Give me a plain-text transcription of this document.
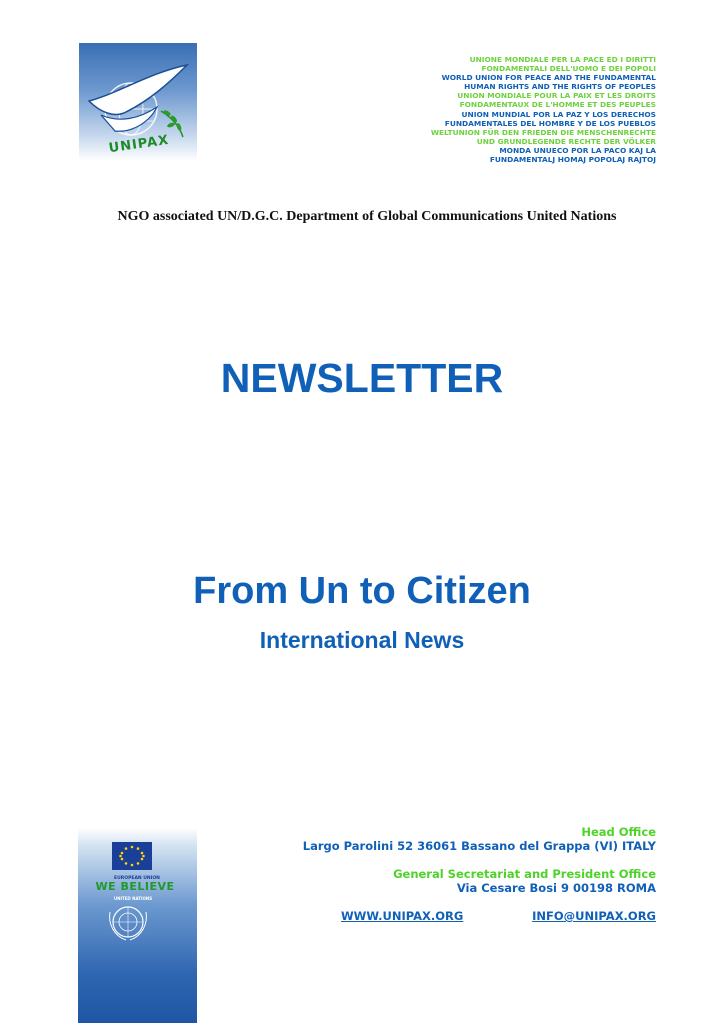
UNIPAX
UNIONE MONDIALE PER LA PACE ED I DIRITTI
FONDAMENTALI DELL'UOMO E DEI POPOLI
WORLD UNION FOR PEACE AND THE FUNDAMENTAL
HUMAN RIGHTS AND THE RIGHTS OF PEOPLES
UNION MONDIALE POUR LA PAIX ET LES DROITS
FONDAMENTAUX DE L'HOMME ET DES PEUPLES
UNION MUNDIAL POR LA PAZ Y LOS DERECHOS
FUNDAMENTALES DEL HOMBRE Y DE LOS PUEBLOS
WELTUNION FÜR DEN FRIEDEN DIE MENSCHENRECHTE
UND GRUNDLEGENDE RECHTE DER VÖLKER
MONDA UNUECO POR LA PACO KAJ LA
FUNDAMENTALJ HOMAJ POPOLAJ RAJTOJ
NGO associated UN/D.G.C. Department of Global Communications United Nations
NEWSLETTER
From Un to Citizen
International News
EUROPEAN UNION
WE BELIEVE
UNITED NATIONS
Head Office
Largo Parolini 52 36061 Bassano del Grappa (VI) ITALY
General Secretariat and President Office
Via Cesare Bosi 9 00198 ROMA
WWW.UNIPAX.ORG	INFO@UNIPAX.ORG
